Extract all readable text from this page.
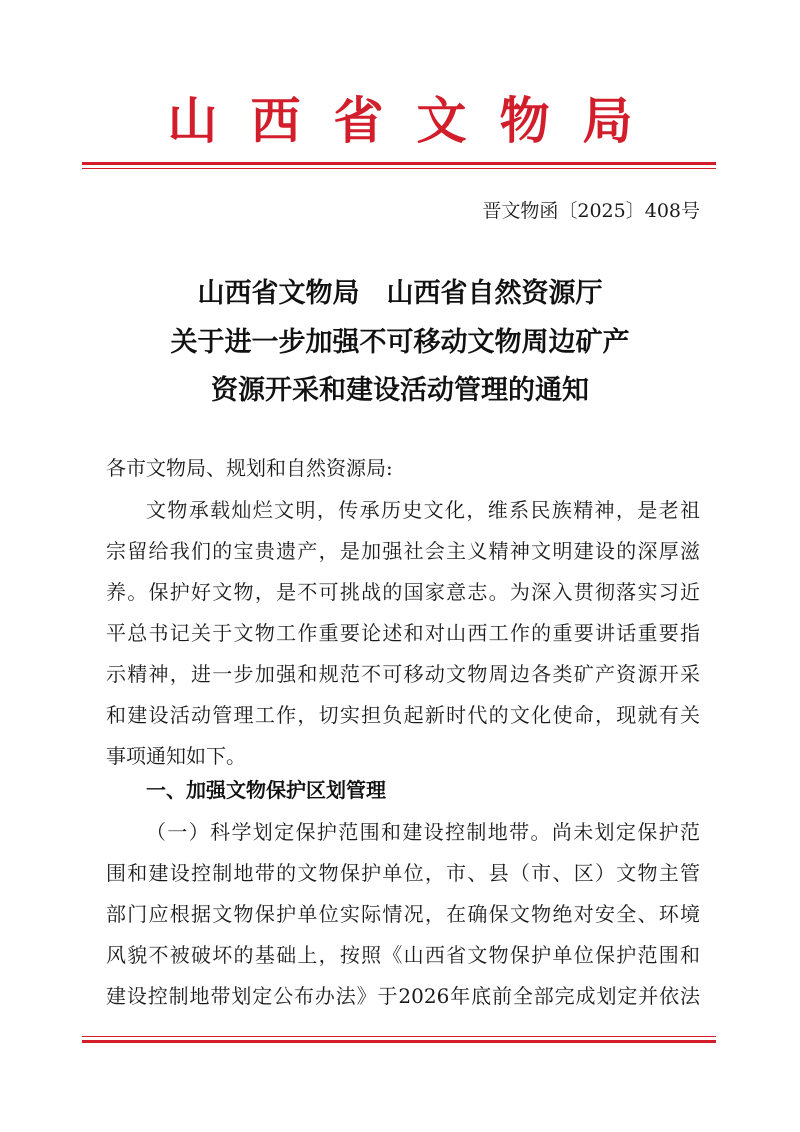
山西省文物局

晋文物函〔2025〕408号

山西省文物局　山西省自然资源厅
关于进一步加强不可移动文物周边矿产
资源开采和建设活动管理的通知

各市文物局、规划和自然资源局:

文物承载灿烂文明，传承历史文化，维系民族精神，是老祖

宗留给我们的宝贵遗产，是加强社会主义精神文明建设的深厚滋

养。保护好文物，是不可挑战的国家意志。为深入贯彻落实习近

平总书记关于文物工作重要论述和对山西工作的重要讲话重要指

示精神，进一步加强和规范不可移动文物周边各类矿产资源开采

和建设活动管理工作，切实担负起新时代的文化使命，现就有关

事项通知如下。

一、加强文物保护区划管理

（一）科学划定保护范围和建设控制地带。尚未划定保护范

围和建设控制地带的文物保护单位，市、县（市、区）文物主管

部门应根据文物保护单位实际情况，在确保文物绝对安全、环境

风貌不被破坏的基础上，按照《山西省文物保护单位保护范围和

建设控制地带划定公布办法》于2026年底前全部完成划定并依法
